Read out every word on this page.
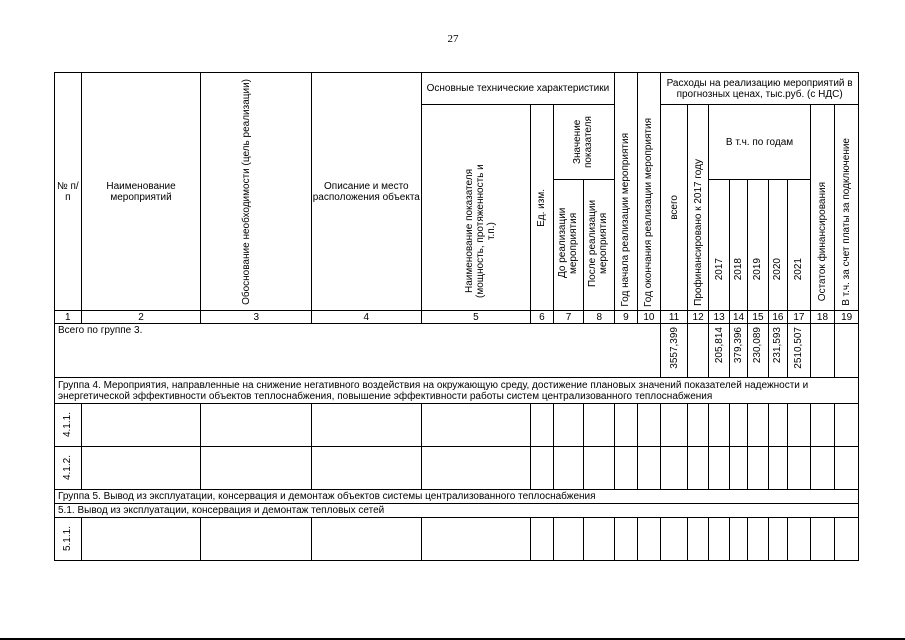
27
№ п/п	Наименование мероприятий	Обоснование необходимости (цель реализации)	Описание и место расположения объекта	Основные технические характеристики				Год начала реализации мероприятия	Год окончания реализации мероприятия	Расходы на реализацию мероприятий в прогнозных ценах, тыс.руб. (с НДС)								

				Наименование показателя (мощность, протяженность и т.п.)	Ед. изм.	Значение показателя				всего	Профинансировано к 2017 году	В т.ч. по годам					Остаток финансирования	В т.ч. за счет платы за подключение

						До реализации мероприятия	После реализации мероприятия					2017	2018	2019	2020	2021		

1	2	3	4	5	6	7	8	9	10	11	12	13	14	15	16	17	18	19
Всего по группе 3.										3557,399		205,814	379,396	230,089	231,593	2510,507		

Группа 4. Мероприятия, направленные на снижение негативного воздействия на окружающую среду, достижение плановых значений показателей надежности и энергетической эффективности объектов теплоснабжения, повышение эффективности работы систем централизованного теплоснабжения																		

4.1.1.																		

4.1.2.																		

Группа 5. Вывод из эксплуатации, консервация и демонтаж объектов системы централизованного теплоснабжения																		
5.1. Вывод из эксплуатации, консервация и демонтаж тепловых сетей																		

5.1.1.																		
